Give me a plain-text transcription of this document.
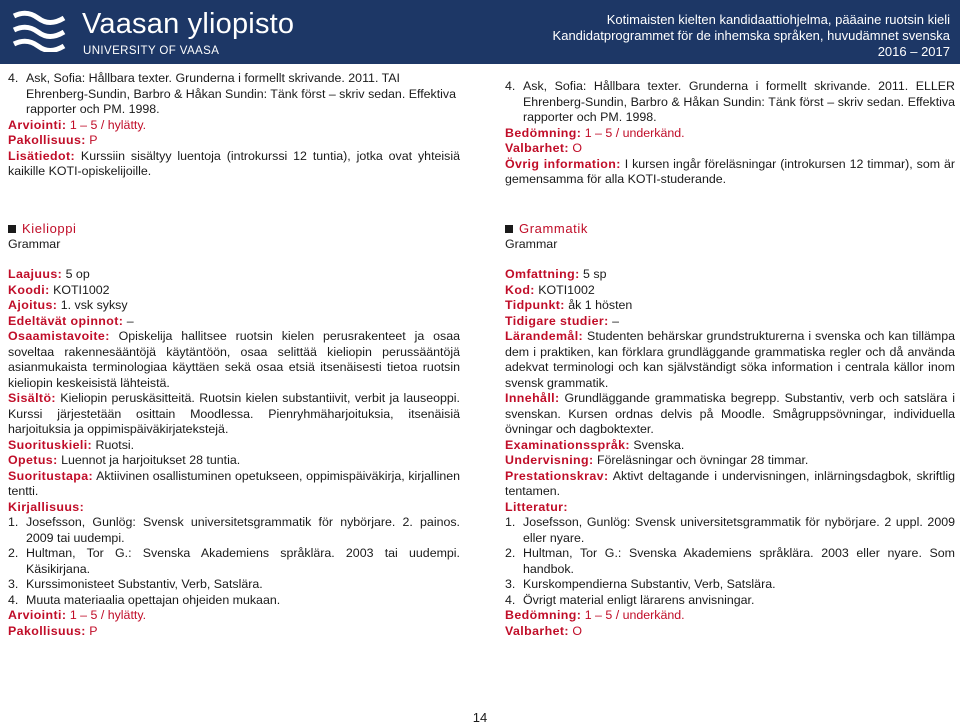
Vaasan yliopisto
UNIVERSITY OF VAASA
Kotimaisten kielten kandidaattiohjelma, pääaine ruotsin kieli
Kandidatprogrammet för de inhemska språken, huvudämnet svenska
2016 – 2017

4. Ask, Sofia: Hållbara texter. Grunderna i formellt skrivande. 2011. TAI Ehrenberg-Sundin, Barbro & Håkan Sundin: Tänk först – skriv sedan. Effektiva rapporter och PM. 1998.

Arviointi: 1 – 5 / hylätty.

Pakollisuus: P

Lisätiedot: Kurssiin sisältyy luentoja (introkurssi 12 tuntia), jotka ovat yhteisiä kaikille KOTI-opiskelijoille.

4. Ask, Sofia: Hållbara texter. Grunderna i formellt skrivande. 2011. ELLER Ehrenberg-Sundin, Barbro & Håkan Sundin: Tänk först – skriv sedan. Effektiva rapporter och PM. 1998.

Bedömning: 1 – 5 / underkänd.

Valbarhet: O

Övrig information: I kursen ingår föreläsningar (introkursen 12 timmar), som är gemensamma för alla KOTI-studerande.

Kielioppi

Grammar

Laajuus: 5 op

Koodi: KOTI1002

Ajoitus: 1. vsk syksy

Edeltävät opinnot: –

Osaamistavoite: Opiskelija hallitsee ruotsin kielen perusrakenteet ja osaa soveltaa rakennesääntöjä käytäntöön, osaa selittää kieliopin perussääntöjä asianmukaista terminologiaa käyttäen sekä osaa etsiä itsenäisesti tietoa ruotsin kieliopin keskeisistä lähteistä.

Sisältö: Kieliopin peruskäsitteitä. Ruotsin kielen substantiivit, verbit ja lauseoppi. Kurssi järjestetään osittain Moodlessa. Pienryhmäharjoituksia, itsenäisiä harjoituksia ja oppimispäiväkirjatekstejä.

Suorituskieli: Ruotsi.

Opetus: Luennot ja harjoitukset 28 tuntia.

Suoritustapa: Aktiivinen osallistuminen opetukseen, oppimispäiväkirja, kirjallinen tentti.

Kirjallisuus:

1. Josefsson, Gunlög: Svensk universitetsgrammatik för nybörjare. 2. painos. 2009 tai uudempi.

2. Hultman, Tor G.: Svenska Akademiens språklära. 2003 tai uudempi. Käsikirjana.

3. Kurssimonisteet Substantiv, Verb, Satslära.

4. Muuta materiaalia opettajan ohjeiden mukaan.

Arviointi: 1 – 5 / hylätty.

Pakollisuus: P

Grammatik

Grammar

Omfattning: 5 sp

Kod: KOTI1002

Tidpunkt: åk 1 hösten

Tidigare studier: –

Lärandemål: Studenten behärskar grundstrukturerna i svenska och kan tillämpa dem i praktiken, kan förklara grundläggande grammatiska regler och då använda adekvat terminologi och kan självständigt söka information i centrala källor inom svensk grammatik.

Innehåll: Grundläggande grammatiska begrepp. Substantiv, verb och satslära i svenskan. Kursen ordnas delvis på Moodle. Smågruppsövningar, individuella övningar och dagboktexter.

Examinationsspråk: Svenska.

Undervisning: Föreläsningar och övningar 28 timmar.

Prestationskrav: Aktivt deltagande i undervisningen, inlärningsdagbok, skriftlig tentamen.

Litteratur:

1. Josefsson, Gunlög: Svensk universitetsgrammatik för nybörjare. 2 uppl. 2009 eller nyare.

2. Hultman, Tor G.: Svenska Akademiens språklära. 2003 eller nyare. Som handbok.

3. Kurskompendierna Substantiv, Verb, Satslära.

4. Övrigt material enligt lärarens anvisningar.

Bedömning: 1 – 5 / underkänd.

Valbarhet: O

14
